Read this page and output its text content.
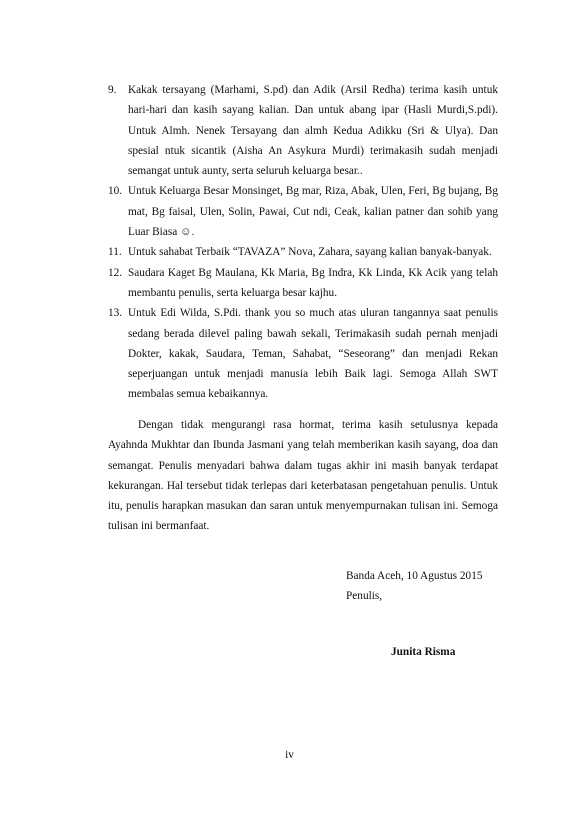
9. Kakak tersayang (Marhami, S.pd) dan Adik (Arsil Redha) terima kasih untuk hari-hari dan kasih sayang kalian. Dan untuk abang ipar (Hasli Murdi,S.pdi). Untuk Almh. Nenek Tersayang dan almh Kedua Adikku (Sri & Ulya). Dan spesial ntuk sicantik (Aisha An Asykura Murdi) terimakasih sudah menjadi semangat untuk aunty, serta seluruh keluarga besar..
10. Untuk Keluarga Besar Monsinget, Bg mar, Riza, Abak, Ulen, Feri, Bg bujang, Bg mat, Bg faisal, Ulen, Solin, Pawai, Cut ndi, Ceak, kalian patner dan sohib yang Luar Biasa ☺.
11. Untuk sahabat Terbaik “TAVAZA” Nova, Zahara, sayang kalian banyak-banyak.
12. Saudara Kaget Bg Maulana, Kk Maria, Bg Indra, Kk Linda, Kk Acik yang telah membantu penulis, serta keluarga besar kajhu.
13. Untuk Edi Wilda, S.Pdi. thank you so much atas uluran tangannya saat penulis sedang berada dilevel paling bawah sekali, Terimakasih sudah pernah menjadi Dokter, kakak, Saudara, Teman, Sahabat, “Seseorang” dan menjadi Rekan seperjuangan untuk menjadi manusia lebih Baik lagi. Semoga Allah SWT membalas semua kebaikannya.
Dengan tidak mengurangi rasa hormat, terima kasih setulusnya kepada Ayahnda Mukhtar dan Ibunda Jasmani yang telah memberikan kasih sayang, doa dan semangat. Penulis menyadari bahwa dalam tugas akhir ini masih banyak terdapat kekurangan. Hal tersebut tidak terlepas dari keterbatasan pengetahuan penulis. Untuk itu, penulis harapkan masukan dan saran untuk menyempurnakan tulisan ini. Semoga tulisan ini bermanfaat.
Banda Aceh, 10 Agustus 2015
Penulis,
Junita Risma
iv
